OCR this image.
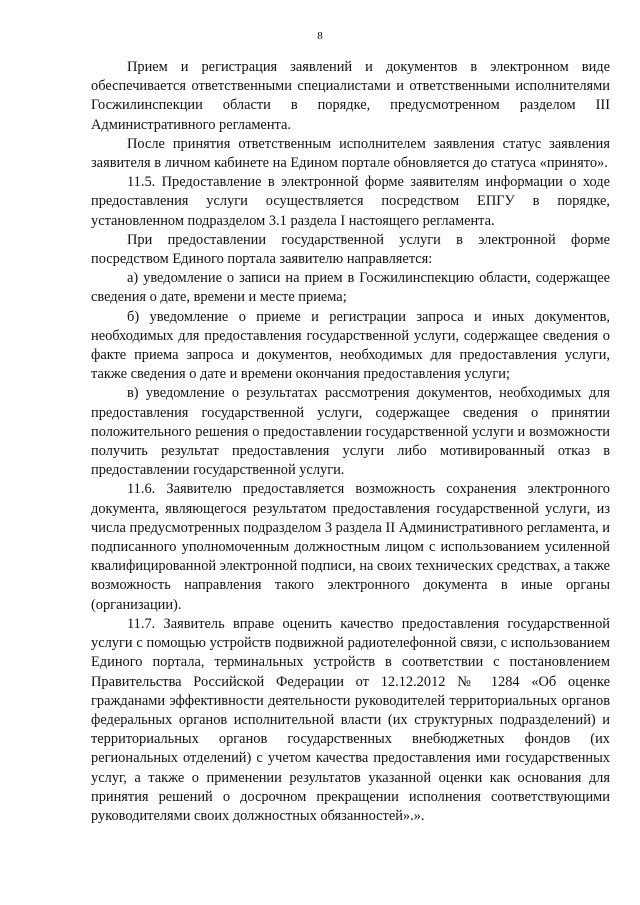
8

Прием и регистрация заявлений и документов в электронном виде обеспечивается ответственными специалистами и ответственными исполнителями Госжилинспекции области в порядке, предусмотренном разделом III Административного регламента.

После принятия ответственным исполнителем заявления статус заявления заявителя в личном кабинете на Едином портале обновляется до статуса «принято».

11.5. Предоставление в электронной форме заявителям информации о ходе предоставления услуги осуществляется посредством ЕПГУ в порядке, установленном подразделом 3.1 раздела I настоящего регламента.

При предоставлении государственной услуги в электронной форме посредством Единого портала заявителю направляется:

а) уведомление о записи на прием в Госжилинспекцию области, содержащее сведения о дате, времени и месте приема;

б) уведомление о приеме и регистрации запроса и иных документов, необходимых для предоставления государственной услуги, содержащее сведения о факте приема запроса и документов, необходимых для предоставления услуги, также сведения о дате и времени окончания предоставления услуги;

в) уведомление о результатах рассмотрения документов, необходимых для предоставления государственной услуги, содержащее сведения о принятии положительного решения о предоставлении государственной услуги и возможности получить результат предоставления услуги либо мотивированный отказ в предоставлении государственной услуги.

11.6. Заявителю предоставляется возможность сохранения электронного документа, являющегося результатом предоставления государственной услуги, из числа предусмотренных подразделом 3 раздела II Административного регламента, и подписанного уполномоченным должностным лицом с использованием усиленной квалифицированной электронной подписи, на своих технических средствах, а также возможность направления такого электронного документа в иные органы (организации).

11.7. Заявитель вправе оценить качество предоставления государственной услуги с помощью устройств подвижной радиотелефонной связи, с использованием Единого портала, терминальных устройств в соответствии с постановлением Правительства Российской Федерации от 12.12.2012 № 1284 «Об оценке гражданами эффективности деятельности руководителей территориальных органов федеральных органов исполнительной власти (их структурных подразделений) и территориальных органов государственных внебюджетных фондов (их региональных отделений) с учетом качества предоставления ими государственных услуг, а также о применении результатов указанной оценки как основания для принятия решений о досрочном прекращении исполнения соответствующими руководителями своих должностных обязанностей».».
